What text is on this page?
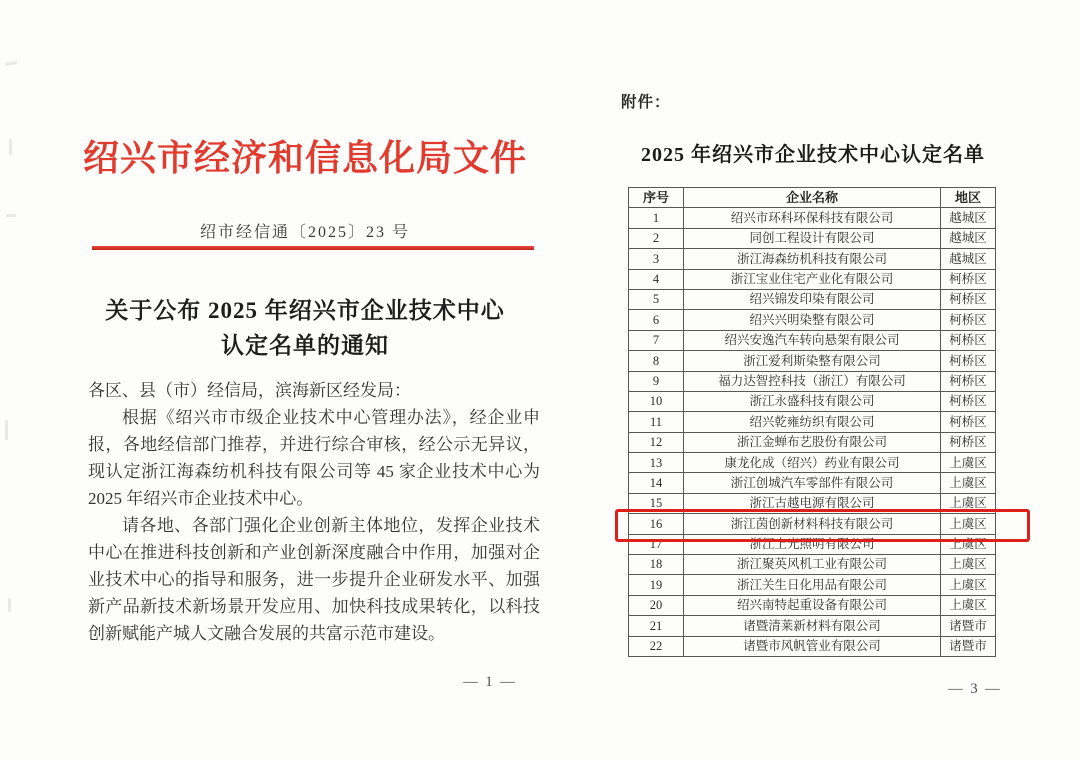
绍兴市经济和信息化局文件
绍市经信通〔2025〕23 号
关于公布 2025 年绍兴市企业技术中心
认定名单的通知

各区、县（市）经信局，滨海新区经发局：

根据《绍兴市市级企业技术中心管理办法》，经企业申报，各地经信部门推荐，并进行综合审核，经公示无异议，现认定浙江海森纺机科技有限公司等 45 家企业技术中心为 2025 年绍兴市企业技术中心。

请各地、各部门强化企业创新主体地位，发挥企业技术中心在推进科技创新和产业创新深度融合中作用，加强对企业技术中心的指导和服务，进一步提升企业研发水平、加强新产品新技术新场景开发应用、加快科技成果转化，以科技创新赋能产城人文融合发展的共富示范市建设。

— 1 —
附件：
2025 年绍兴市企业技术中心认定名单
序号	企业名称	地区
1	绍兴市环科环保科技有限公司	越城区
2	同创工程设计有限公司	越城区
3	浙江海森纺机科技有限公司	越城区
4	浙江宝业住宅产业化有限公司	柯桥区
5	绍兴锦发印染有限公司	柯桥区
6	绍兴兴明染整有限公司	柯桥区
7	绍兴安逸汽车转向悬架有限公司	柯桥区
8	浙江爱利斯染整有限公司	柯桥区
9	福力达智控科技（浙江）有限公司	柯桥区
10	浙江永盛科技有限公司	柯桥区
11	绍兴乾雍纺织有限公司	柯桥区
12	浙江金蝉布艺股份有限公司	柯桥区
13	康龙化成（绍兴）药业有限公司	上虞区
14	浙江创城汽车零部件有限公司	上虞区
15	浙江古越电源有限公司	上虞区
16	浙江茵创新材料科技有限公司	上虞区
17	浙江上光照明有限公司	上虞区
18	浙江聚英风机工业有限公司	上虞区
19	浙江关生日化用品有限公司	上虞区
20	绍兴南特起重设备有限公司	上虞区
21	诸暨清莱新材料有限公司	诸暨市
22	诸暨市风帆管业有限公司	诸暨市
— 3 —
